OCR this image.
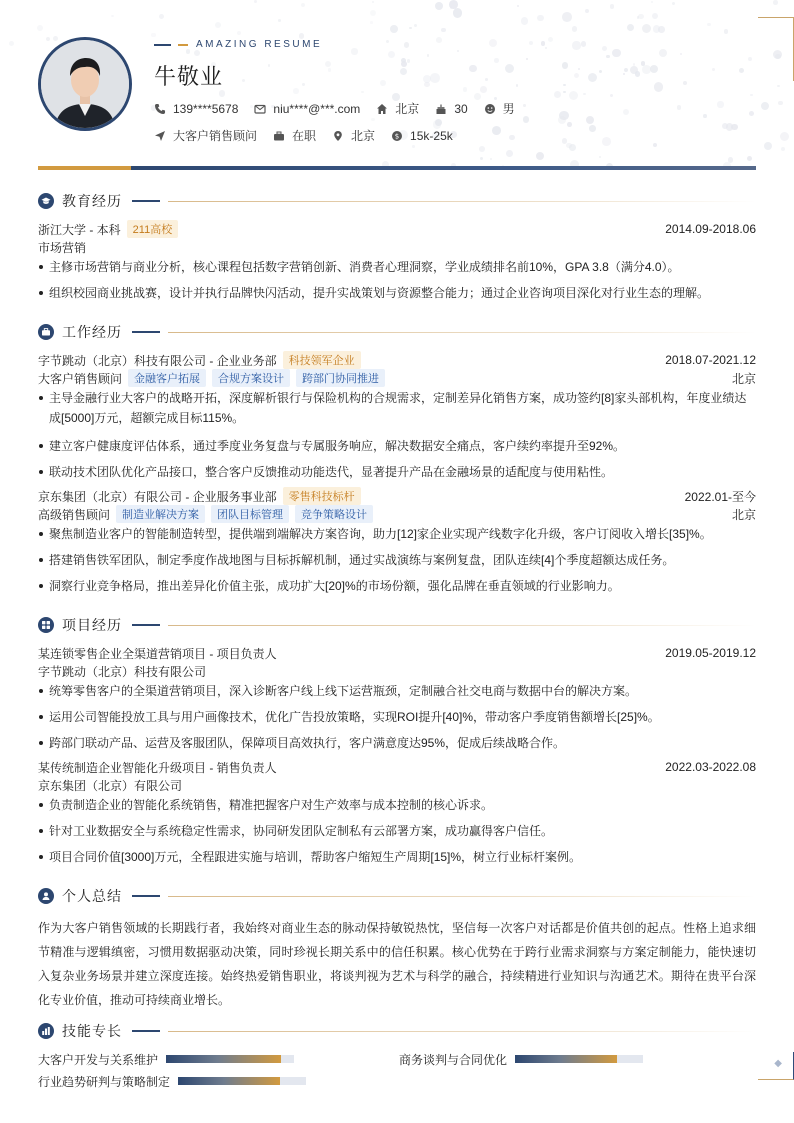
◆
AMAZING RESUME
牛敬业
139****5678	niu****@***.com	北京	30	男
大客户销售顾问	在职	北京	$ 15k-25k
教育经历
浙江大学 - 本科	211高校	2014.09-2018.06
市场营销
主修市场营销与商业分析，核心课程包括数字营销创新、消费者心理洞察，学业成绩排名前10%，GPA 3.8（满分4.0）。
组织校园商业挑战赛，设计并执行品牌快闪活动，提升实战策划与资源整合能力；通过企业咨询项目深化对行业生态的理解。
工作经历
字节跳动（北京）科技有限公司 - 企业业务部	科技领军企业	2018.07-2021.12
大客户销售顾问	金融客户拓展	合规方案设计	跨部门协同推进	北京
主导金融行业大客户的战略开拓，深度解析银行与保险机构的合规需求，定制差异化销售方案，成功签约[8]家头部机构，年度业绩达成[5000]万元，超额完成目标115%。
建立客户健康度评估体系，通过季度业务复盘与专属服务响应，解决数据安全痛点，客户续约率提升至92%。
联动技术团队优化产品接口，整合客户反馈推动功能迭代，显著提升产品在金融场景的适配度与使用粘性。
京东集团（北京）有限公司 - 企业服务事业部	零售科技标杆	2022.01-至今
高级销售顾问	制造业解决方案	团队目标管理	竞争策略设计	北京
聚焦制造业客户的智能制造转型，提供端到端解决方案咨询，助力[12]家企业实现产线数字化升级，客户订阅收入增长[35]%。
搭建销售铁军团队，制定季度作战地图与目标拆解机制，通过实战演练与案例复盘，团队连续[4]个季度超额达成任务。
洞察行业竞争格局，推出差异化价值主张，成功扩大[20]%的市场份额，强化品牌在垂直领域的行业影响力。
项目经历
某连锁零售企业全渠道营销项目 - 项目负责人	2019.05-2019.12
字节跳动（北京）科技有限公司
统筹零售客户的全渠道营销项目，深入诊断客户线上线下运营瓶颈，定制融合社交电商与数据中台的解决方案。
运用公司智能投放工具与用户画像技术，优化广告投放策略，实现ROI提升[40]%，带动客户季度销售额增长[25]%。
跨部门联动产品、运营及客服团队，保障项目高效执行，客户满意度达95%，促成后续战略合作。
某传统制造企业智能化升级项目 - 销售负责人	2022.03-2022.08
京东集团（北京）有限公司
负责制造企业的智能化系统销售，精准把握客户对生产效率与成本控制的核心诉求。
针对工业数据安全与系统稳定性需求，协同研发团队定制私有云部署方案，成功赢得客户信任。
项目合同价值[3000]万元，全程跟进实施与培训，帮助客户缩短生产周期[15]%，树立行业标杆案例。
个人总结
作为大客户销售领域的长期践行者，我始终对商业生态的脉动保持敏锐热忱，坚信每一次客户对话都是价值共创的起点。性格上追求细节精准与逻辑缜密，习惯用数据驱动决策，同时珍视长期关系中的信任积累。核心优势在于跨行业需求洞察与方案定制能力，能快速切入复杂业务场景并建立深度连接。始终热爱销售职业，将谈判视为艺术与科学的融合，持续精进行业知识与沟通艺术。期待在贵平台深化专业价值，推动可持续商业增长。
技能专长
大客户开发与关系维护	商务谈判与合同优化
行业趋势研判与策略制定
